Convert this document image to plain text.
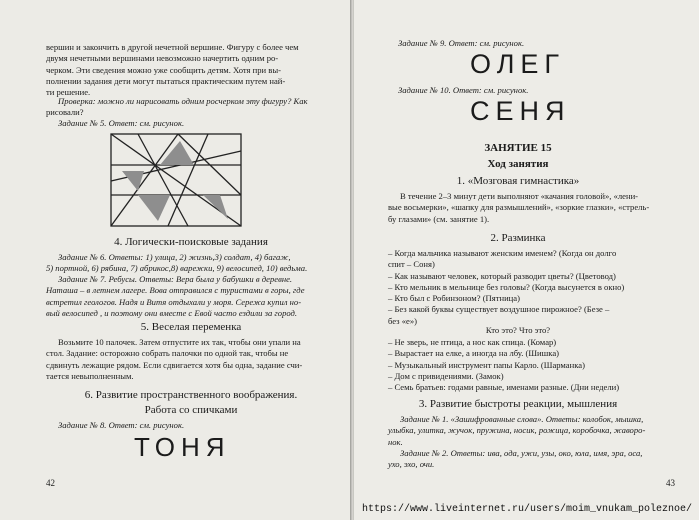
вершин и закончить в другой нечетной вершине. Фигуру с более чем
двумя нечетными вершинами невозможно начертить одним ро-
черком. Эти сведения можно уже сообщить детям. Хотя при вы-
полнении задания дети могут пытаться практическим путем най-
ти решение.
Проверка: можно ли нарисовать одним росчерком эту фигуру? Как
рисовали?
Задание № 5. Ответ: см. рисунок.
4. Логически-поисковые задания
Задание № 6. Ответы: 1) улица, 2) жизнь,3) солдат, 4) багаж,
5) портной, 6) рябина, 7) абрикос,8) варежки, 9) велосипед, 10) ведьма.
Задание № 7. Ребусы. Ответы: Вера была у бабушки в деревне.
Наташа – в летнем лагере. Вова отправился с туристами в горы, где
встретил геологов. Надя и Витя отдыхали у моря. Сережа купил но-
вый велосипед , и поэтому они вместе с Евой часто ездили за город.
5. Веселая переменка
Возьмите 10 палочек. Затем отпустите их так, чтобы они упали на
стол. Задание: осторожно собрать палочки по одной так, чтобы не
сдвинуть лежащие рядом. Если сдвигается хотя бы одна, задание счи-
тается невыполненным.
6. Развитие пространственного воображения.
Работа со спичками
Задание № 8. Ответ: см. рисунок.
ТОНЯ
42
Задание № 9. Ответ: см. рисунок.
ОЛЕГ
Задание № 10. Ответ: см. рисунок.
СЕНЯ
ЗАНЯТИЕ 15
Ход занятия
1. «Мозговая гимнастика»
В течение 2–3 минут дети выполняют «качания головой», «лени-
вые восьмерки», «шапку для размышлений», «зоркие глазки», «стрель-
бу глазами» (см. занятие 1).
2. Разминка
– Когда мальчика называют женским именем? (Когда он долго
спит – Соня)
– Как называют человек, который разводит цветы? (Цветовод)
– Кто мельник в мельнице без головы? (Когда высунется в окно)
– Кто был с Робинзоном? (Пятница)
– Без какой буквы существует воздушное пирожное? (Безе –
без «е»)
Кто это? Что это?
– Не зверь, не птица, а нос как спица. (Комар)
– Вырастает на елке, а иногда на лбу. (Шишка)
– Музыкальный инструмент папы Карло. (Шарманка)
– Дом с привидениями. (Замок)
– Семь братьев: годами равные, именами разные. (Дни недели)
3. Развитие быстроты реакции, мышления
Задание № 1. «Зашифрованные слова». Ответы: колобок, мышка,
улыбка, улитка, жучок, пружина, носик, рожица, коробочка, жаворо-
нок.
Задание № 2. Ответы: ива, ода, ужи, узы, око, юла, имя, эра, оса,
ухо, эхо, очи.
43
https://www.liveinternet.ru/users/moim_vnukam_poleznoe/
